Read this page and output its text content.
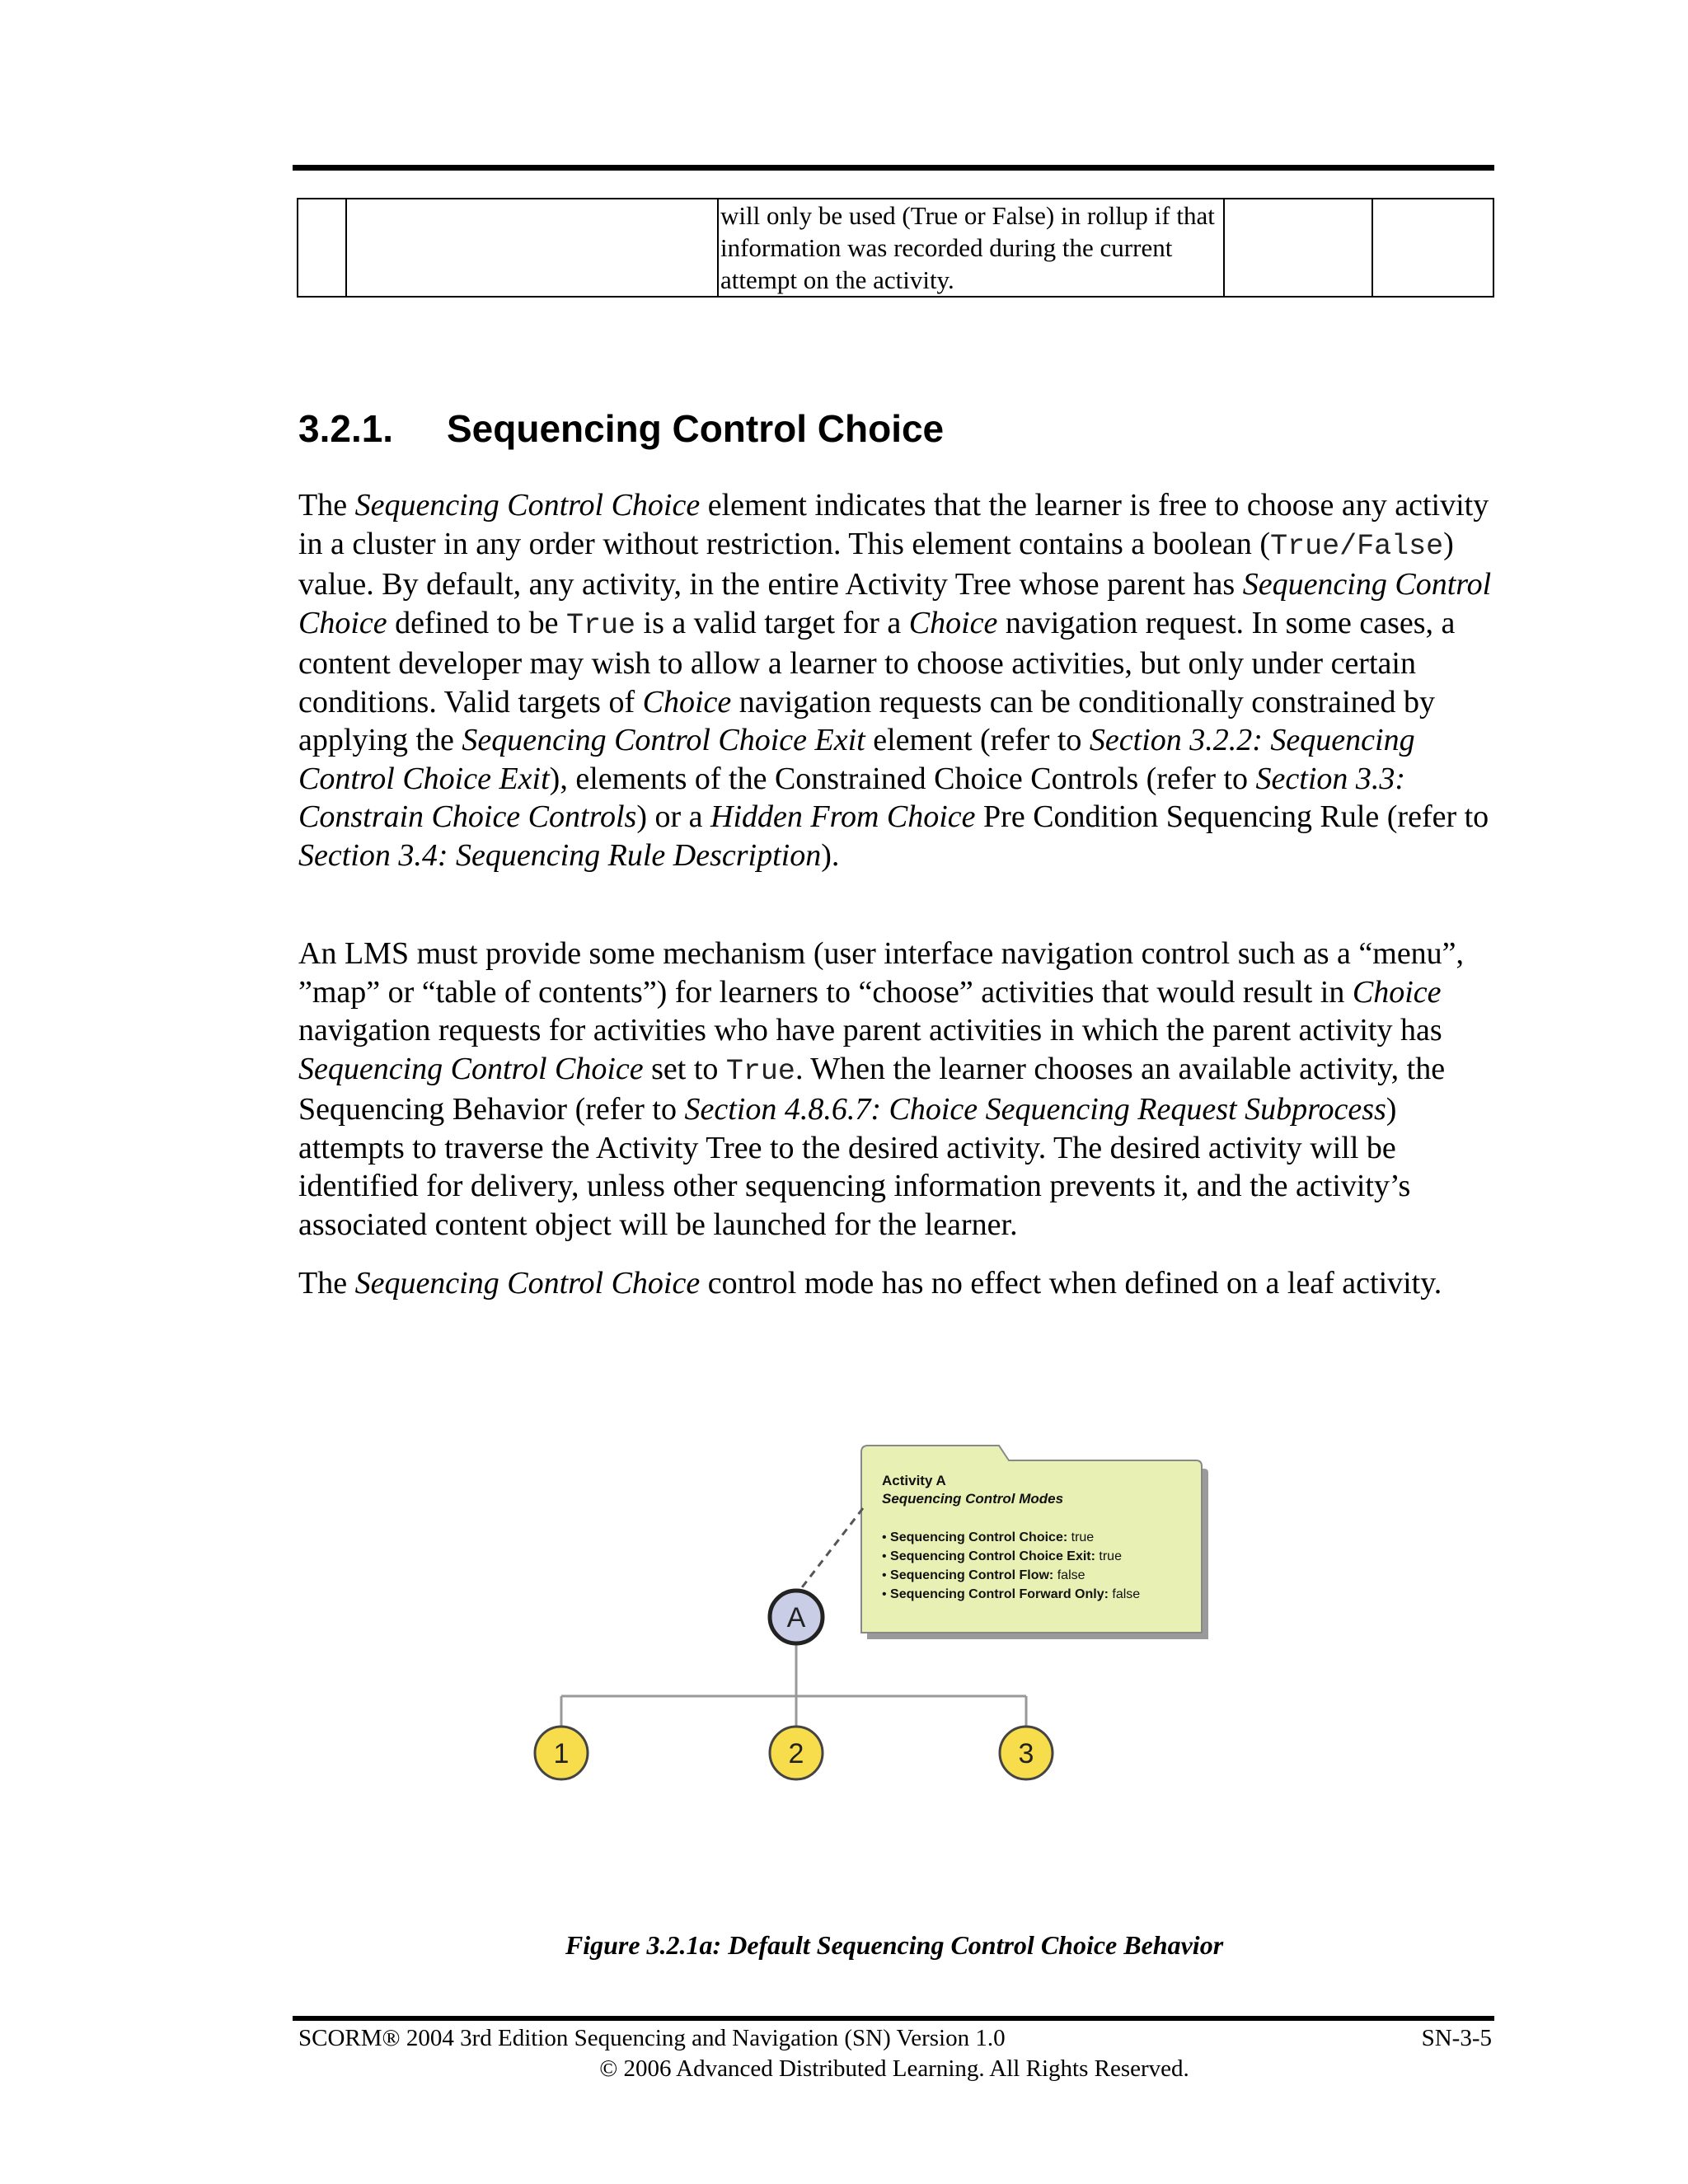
		will only be used (True or False) in rollup if that information was recorded during the current attempt on the activity.		
3.2.1. Sequencing Control Choice

The Sequencing Control Choice element indicates that the learner is free to choose any activity in a cluster in any order without restriction. This element contains a boolean (True/False) value. By default, any activity, in the entire Activity Tree whose parent has Sequencing Control Choice defined to be True is a valid target for a Choice navigation request. In some cases, a content developer may wish to allow a learner to choose activities, but only under certain conditions. Valid targets of Choice navigation requests can be conditionally constrained by applying the Sequencing Control Choice Exit element (refer to Section 3.2.2: Sequencing Control Choice Exit), elements of the Constrained Choice Controls (refer to Section 3.3: Constrain Choice Controls) or a Hidden From Choice Pre Condition Sequencing Rule (refer to Section 3.4: Sequencing Rule Description).

An LMS must provide some mechanism (user interface navigation control such as a “menu”, ”map” or “table of contents”) for learners to “choose” activities that would result in Choice navigation requests for activities who have parent activities in which the parent activity has Sequencing Control Choice set to True. When the learner chooses an available activity, the Sequencing Behavior (refer to Section 4.8.6.7: Choice Sequencing Request Subprocess) attempts to traverse the Activity Tree to the desired activity. The desired activity will be identified for delivery, unless other sequencing information prevents it, and the activity’s associated content object will be launched for the learner.

The Sequencing Control Choice control mode has no effect when defined on a leaf activity.

A
1	2	3
Activity A
Sequencing Control Modes
• Sequencing Control Choice: true
• Sequencing Control Choice Exit: true
• Sequencing Control Flow: false
• Sequencing Control Forward Only: false
Figure 3.2.1a: Default Sequencing Control Choice Behavior
SCORM® 2004 3rd Edition Sequencing and Navigation (SN) Version 1.0	SN-3-5
© 2006 Advanced Distributed Learning. All Rights Reserved.
